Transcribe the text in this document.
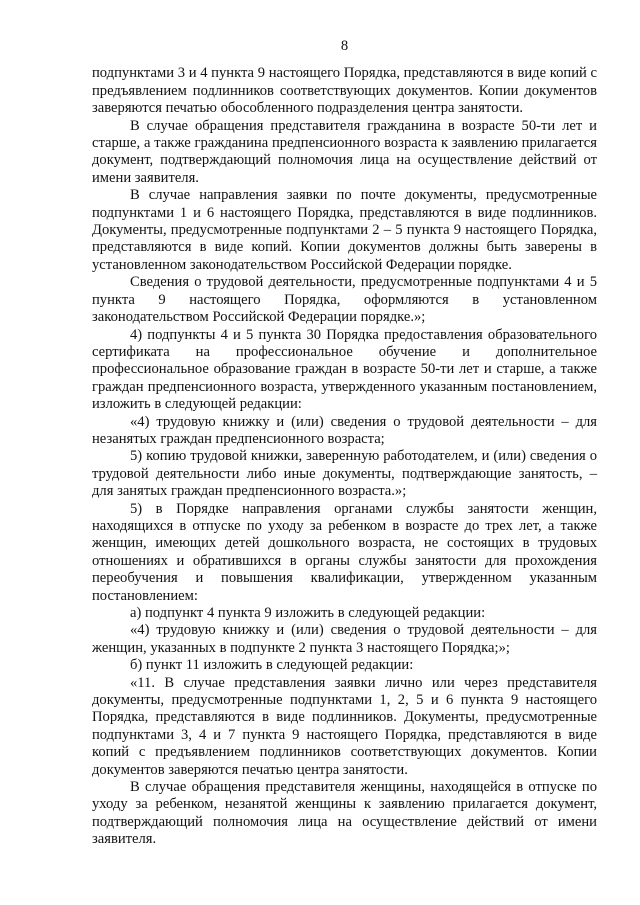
8

подпунктами 3 и 4 пункта 9 настоящего Порядка, представляются в виде копий с предъявлением подлинников соответствующих документов. Копии документов заверяются печатью обособленного подразделения центра занятости.

В случае обращения представителя гражданина в возрасте 50-ти лет и старше, а также гражданина предпенсионного возраста к заявлению прилагается документ, подтверждающий полномочия лица на осуществление действий от имени заявителя.

В случае направления заявки по почте документы, предусмотренные подпунктами 1 и 6 настоящего Порядка, представляются в виде подлинников. Документы, предусмотренные подпунктами 2 – 5 пункта 9 настоящего Порядка, представляются в виде копий. Копии документов должны быть заверены в установленном законодательством Российской Федерации порядке.

Сведения о трудовой деятельности, предусмотренные подпунктами 4 и 5 пункта 9 настоящего Порядка, оформляются в установленном законодательством Российской Федерации порядке.»;

4) подпункты 4 и 5 пункта 30 Порядка предоставления образовательного сертификата на профессиональное обучение и дополнительное профессиональное образование граждан в возрасте 50-ти лет и старше, а также граждан предпенсионного возраста, утвержденного указанным постановлением, изложить в следующей редакции:

«4) трудовую книжку и (или) сведения о трудовой деятельности – для незанятых граждан предпенсионного возраста;

5) копию трудовой книжки, заверенную работодателем, и (или) сведения о трудовой деятельности либо иные документы, подтверждающие занятость, – для занятых граждан предпенсионного возраста.»;

5) в Порядке направления органами службы занятости женщин, находящихся в отпуске по уходу за ребенком в возрасте до трех лет, а также женщин, имеющих детей дошкольного возраста, не состоящих в трудовых отношениях и обратившихся в органы службы занятости для прохождения переобучения и повышения квалификации, утвержденном указанным постановлением:

а) подпункт 4 пункта 9 изложить в следующей редакции:

«4) трудовую книжку и (или) сведения о трудовой деятельности – для женщин, указанных в подпункте 2 пункта 3 настоящего Порядка;»;

б) пункт 11 изложить в следующей редакции:

«11. В случае представления заявки лично или через представителя документы, предусмотренные подпунктами 1, 2, 5 и 6 пункта 9 настоящего Порядка, представляются в виде подлинников. Документы, предусмотренные подпунктами 3, 4 и 7 пункта 9 настоящего Порядка, представляются в виде копий с предъявлением подлинников соответствующих документов. Копии документов заверяются печатью центра занятости.

В случае обращения представителя женщины, находящейся в отпуске по уходу за ребенком, незанятой женщины к заявлению прилагается документ, подтверждающий полномочия лица на осуществление действий от имени заявителя.
